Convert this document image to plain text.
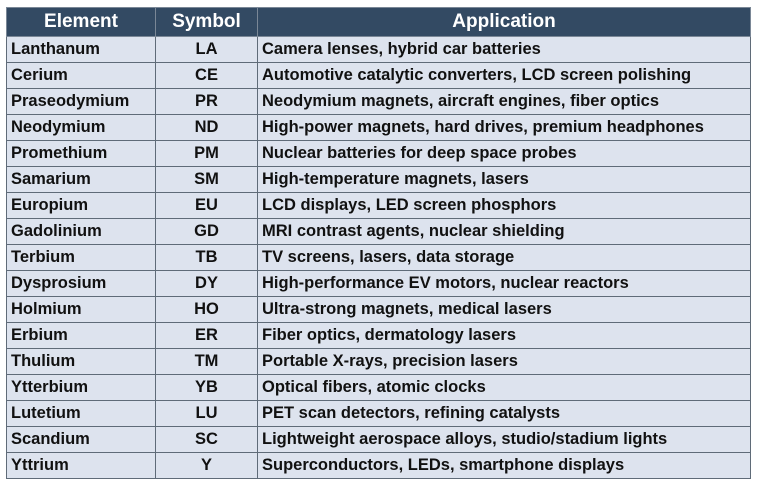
Element	Symbol	Application
Lanthanum	LA	Camera lenses, hybrid car batteries
Cerium	CE	Automotive catalytic converters, LCD screen polishing
Praseodymium	PR	Neodymium magnets, aircraft engines, fiber optics
Neodymium	ND	High-power magnets, hard drives, premium headphones
Promethium	PM	Nuclear batteries for deep space probes
Samarium	SM	High-temperature magnets, lasers
Europium	EU	LCD displays, LED screen phosphors
Gadolinium	GD	MRI contrast agents, nuclear shielding
Terbium	TB	TV screens, lasers, data storage
Dysprosium	DY	High-performance EV motors, nuclear reactors
Holmium	HO	Ultra-strong magnets, medical lasers
Erbium	ER	Fiber optics, dermatology lasers
Thulium	TM	Portable X-rays, precision lasers
Ytterbium	YB	Optical fibers, atomic clocks
Lutetium	LU	PET scan detectors, refining catalysts
Scandium	SC	Lightweight aerospace alloys, studio/stadium lights
Yttrium	Y	Superconductors, LEDs, smartphone displays
